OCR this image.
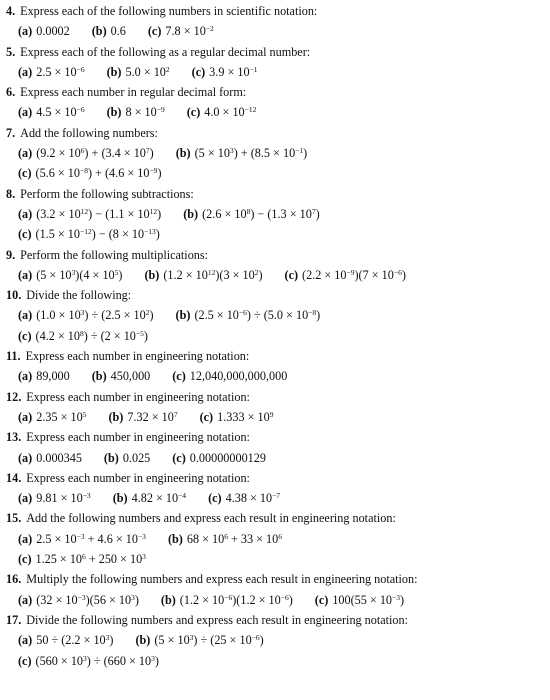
4. Express each of the following numbers in scientific notation:
(a) 0.0002 (b) 0.6 (c) $7.8 \times 10^{-2}$
5. Express each of the following as a regular decimal number:
(a) $2.5 \times 10^{-6}$ (b) $5.0 \times 10^2$ (c) $3.9 \times 10^{-1}$
6. Express each number in regular decimal form:
(a) $4.5 \times 10^{-6}$ (b) $8 \times 10^{-9}$ (c) $4.0 \times 10^{-12}$
7. Add the following numbers:
(a) $(9.2 \times 10^6) + (3.4 \times 10^7)$ (b) $(5 \times 10^3) + (8.5 \times 10^{-1})$
(c) $(5.6 \times 10^{-8}) + (4.6 \times 10^{-9})$
8. Perform the following subtractions:
(a) $(3.2 \times 10^{12}) - (1.1 \times 10^{12})$ (b) $(2.6 \times 10^8) - (1.3 \times 10^7)$
(c) $(1.5 \times 10^{-12}) - (8 \times 10^{-13})$
9. Perform the following multiplications:
(a) $(5 \times 10^3)(4 \times 10^5)$ (b) $(1.2 \times 10^{12})(3 \times 10^2)$ (c) $(2.2 \times 10^{-9})(7 \times 10^{-6})$
10. Divide the following:
(a) $(1.0 \times 10^3) \div (2.5 \times 10^2)$ (b) $(2.5 \times 10^{-6}) \div (5.0 \times 10^{-8})$
(c) $(4.2 \times 10^8) \div (2 \times 10^{-5})$
11. Express each number in engineering notation:
(a) 89,000 (b) 450,000 (c) 12,040,000,000,000
12. Express each number in engineering notation:
(a) $2.35 \times 10^5$ (b) $7.32 \times 10^7$ (c) $1.333 \times 10^9$
13. Express each number in engineering notation:
(a) 0.000345 (b) 0.025 (c) 0.00000000129
14. Express each number in engineering notation:
(a) $9.81 \times 10^{-3}$ (b) $4.82 \times 10^{-4}$ (c) $4.38 \times 10^{-7}$
15. Add the following numbers and express each result in engineering notation:
(a) $2.5 \times 10^{-3} + 4.6 \times 10^{-3}$ (b) $68 \times 10^6 + 33 \times 10^6$
(c) $1.25 \times 10^6 + 250 \times 10^3$
16. Multiply the following numbers and express each result in engineering notation:
(a) $(32 \times 10^{-3})(56 \times 10^3)$ (b) $(1.2 \times 10^{-6})(1.2 \times 10^{-6})$ (c) $100(55 \times 10^{-3})$
17. Divide the following numbers and express each result in engineering notation:
(a) $50 \div (2.2 \times 10^3)$ (b) $(5 \times 10^3) \div (25 \times 10^{-6})$
(c) $(560 \times 10^3) \div (660 \times 10^3)$
